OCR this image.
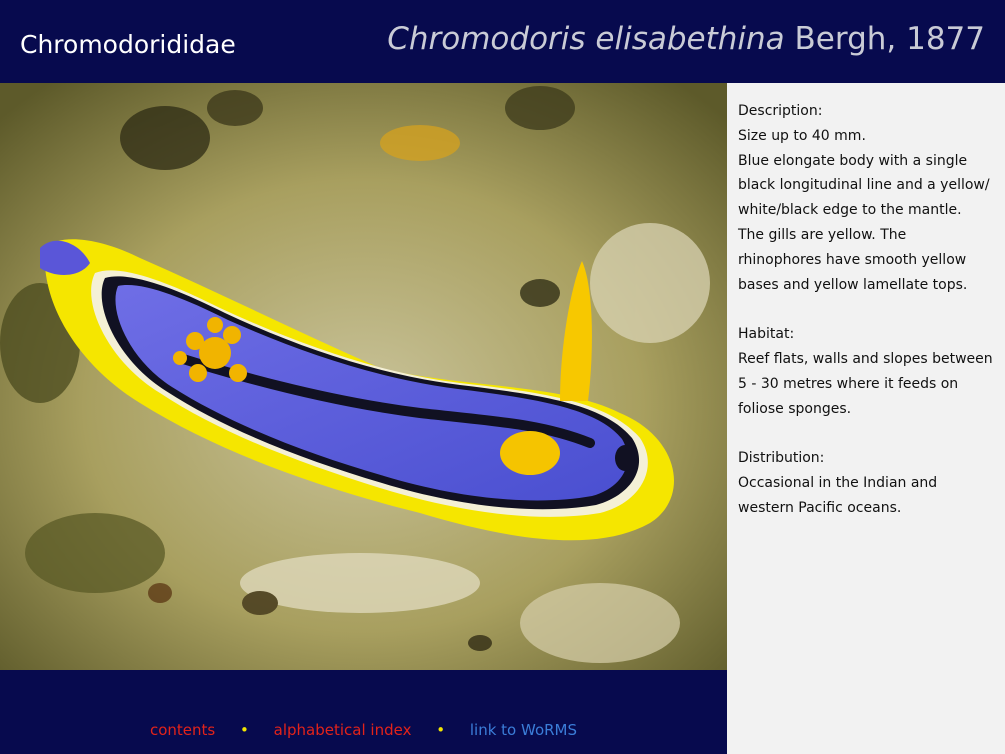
Chromodorididae	Chromodoris elisabethina Bergh, 1877
Description:
Size up to 40 mm.
Blue elongate body with a single
black longitudinal line and a yellow/
white/black edge to the mantle.
The gills are yellow. The
rhinophores have smooth yellow
bases and yellow lamellate tops.
Habitat:
Reef flats, walls and slopes between
5 - 30 metres where it feeds on
foliose sponges.
Distribution:
Occasional in the Indian and
western Pacific oceans.
contents • alphabetical index • link to WoRMS
